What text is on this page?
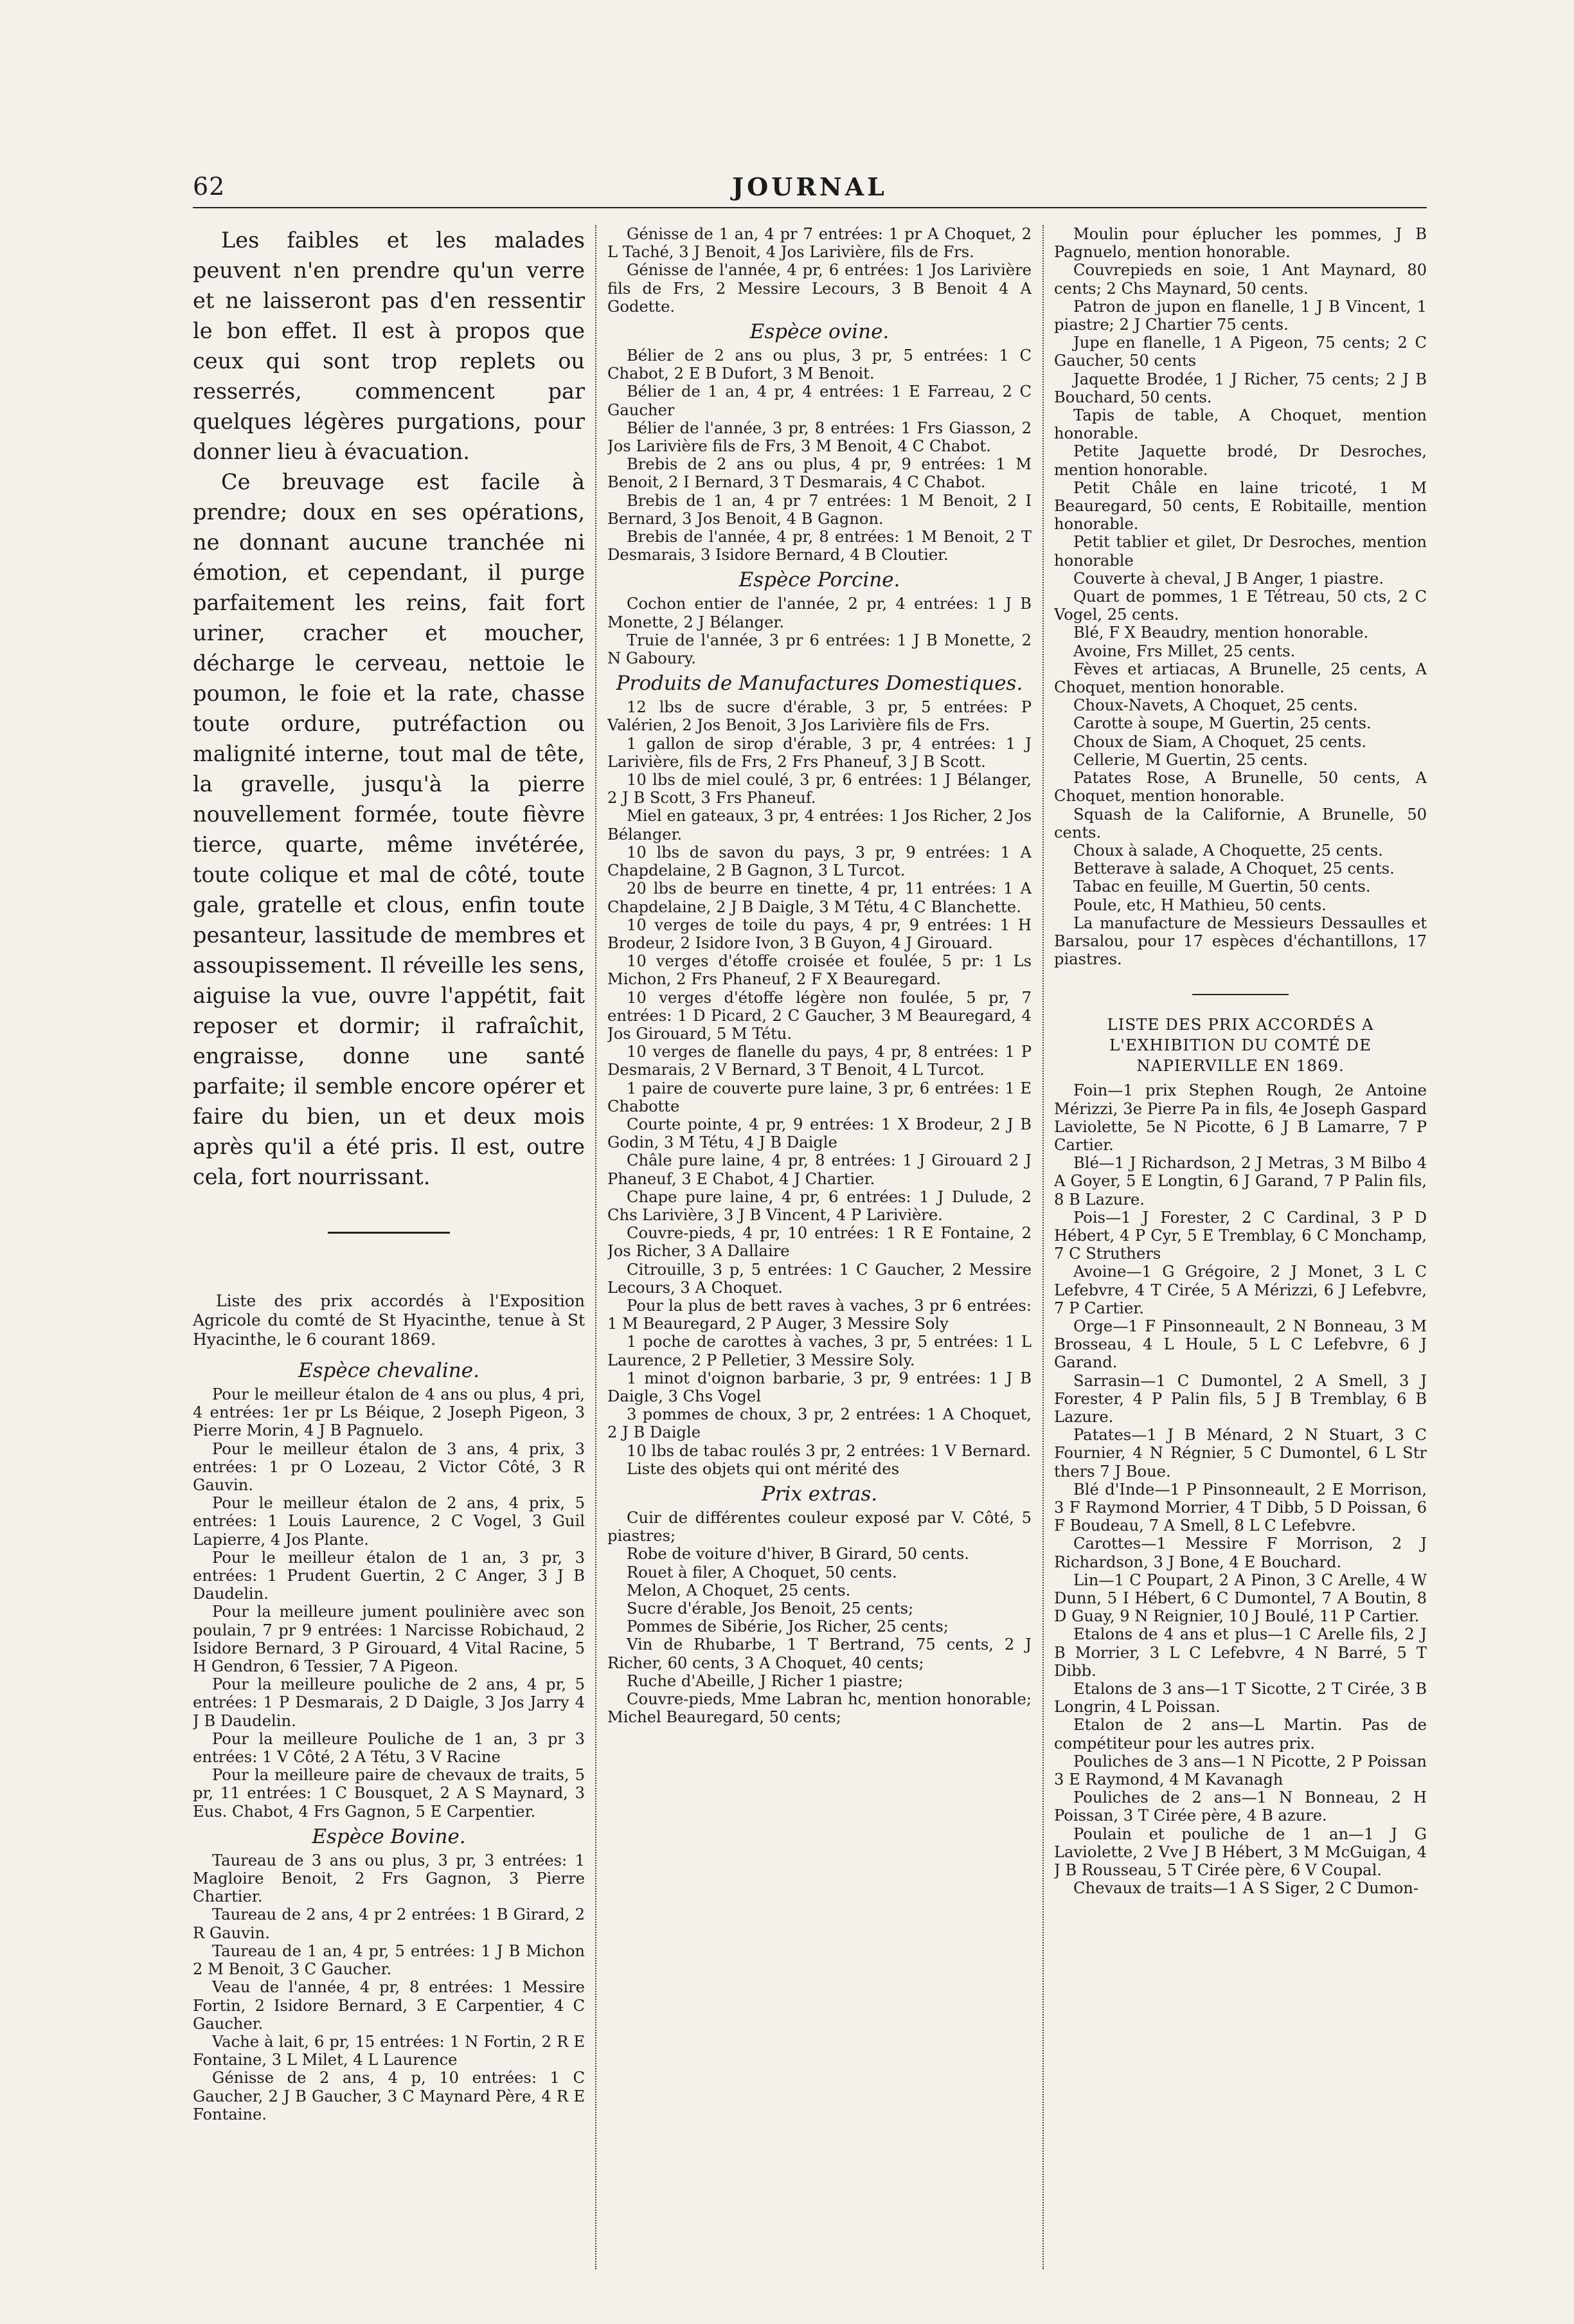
62	JOURNAL

Les faibles et les malades peuvent n'en prendre qu'un verre et ne laisseront pas d'en ressentir le bon effet. Il est à propos que ceux qui sont trop replets ou resserrés, commencent par quelques légères purgations, pour donner lieu à évacuation.

Ce breuvage est facile à prendre; doux en ses opérations, ne donnant aucune tranchée ni émotion, et cependant, il purge parfaitement les reins, fait fort uriner, cracher et moucher, décharge le cerveau, nettoie le poumon, le foie et la rate, chasse toute ordure, putréfaction ou malignité interne, tout mal de tête, la gravelle, jusqu'à la pierre nouvellement formée, toute fièvre tierce, quarte, même invétérée, toute colique et mal de côté, toute gale, gratelle et clous, enfin toute pesanteur, lassitude de membres et assoupissement. Il réveille les sens, aiguise la vue, ouvre l'appétit, fait reposer et dormir; il rafraîchit, engraisse, donne une santé parfaite; il semble encore opérer et faire du bien, un et deux mois après qu'il a été pris. Il est, outre cela, fort nourrissant.

Liste des prix accordés à l'Exposition Agricole du comté de St Hyacinthe, tenue à St Hyacinthe, le 6 courant 1869.

Espèce chevaline.

Pour le meilleur étalon de 4 ans ou plus, 4 pri, 4 entrées: 1er pr Ls Béique, 2 Joseph Pigeon, 3 Pierre Morin, 4 J B Pagnuelo.

Pour le meilleur étalon de 3 ans, 4 prix, 3 entrées: 1 pr O Lozeau, 2 Victor Côté, 3 R Gauvin.

Pour le meilleur étalon de 2 ans, 4 prix, 5 entrées: 1 Louis Laurence, 2 C Vogel, 3 Guil Lapierre, 4 Jos Plante.

Pour le meilleur étalon de 1 an, 3 pr, 3 entrées: 1 Prudent Guertin, 2 C Anger, 3 J B Daudelin.

Pour la meilleure jument poulinière avec son poulain, 7 pr 9 entrées: 1 Narcisse Robichaud, 2 Isidore Bernard, 3 P Girouard, 4 Vital Racine, 5 H Gendron, 6 Tessier, 7 A Pigeon.

Pour la meilleure pouliche de 2 ans, 4 pr, 5 entrées: 1 P Desmarais, 2 D Daigle, 3 Jos Jarry 4 J B Daudelin.

Pour la meilleure Pouliche de 1 an, 3 pr 3 entrées: 1 V Côté, 2 A Tétu, 3 V Racine

Pour la meilleure paire de chevaux de traits, 5 pr, 11 entrées: 1 C Bousquet, 2 A S Maynard, 3 Eus. Chabot, 4 Frs Gagnon, 5 E Carpentier.

Espèce Bovine.

Taureau de 3 ans ou plus, 3 pr, 3 entrées: 1 Magloire Benoit, 2 Frs Gagnon, 3 Pierre Chartier.

Taureau de 2 ans, 4 pr 2 entrées: 1 B Girard, 2 R Gauvin.

Taureau de 1 an, 4 pr, 5 entrées: 1 J B Michon 2 M Benoit, 3 C Gaucher.

Veau de l'année, 4 pr, 8 entrées: 1 Messire Fortin, 2 Isidore Bernard, 3 E Carpentier, 4 C Gaucher.

Vache à lait, 6 pr, 15 entrées: 1 N Fortin, 2 R E Fontaine, 3 L Milet, 4 L Laurence

Génisse de 2 ans, 4 p, 10 entrées: 1 C Gaucher, 2 J B Gaucher, 3 C Maynard Père, 4 R E Fontaine.

Génisse de 1 an, 4 pr 7 entrées: 1 pr A Choquet, 2 L Taché, 3 J Benoit, 4 Jos Larivière, fils de Frs.

Génisse de l'année, 4 pr, 6 entrées: 1 Jos Larivière fils de Frs, 2 Messire Lecours, 3 B Benoit 4 A Godette.

Espèce ovine.

Bélier de 2 ans ou plus, 3 pr, 5 entrées: 1 C Chabot, 2 E B Dufort, 3 M Benoit.

Bélier de 1 an, 4 pr, 4 entrées: 1 E Farreau, 2 C Gaucher

Bélier de l'année, 3 pr, 8 entrées: 1 Frs Giasson, 2 Jos Larivière fils de Frs, 3 M Benoit, 4 C Chabot.

Brebis de 2 ans ou plus, 4 pr, 9 entrées: 1 M Benoit, 2 I Bernard, 3 T Desmarais, 4 C Chabot.

Brebis de 1 an, 4 pr 7 entrées: 1 M Benoit, 2 I Bernard, 3 Jos Benoit, 4 B Gagnon.

Brebis de l'année, 4 pr, 8 entrées: 1 M Benoit, 2 T Desmarais, 3 Isidore Bernard, 4 B Cloutier.

Espèce Porcine.

Cochon entier de l'année, 2 pr, 4 entrées: 1 J B Monette, 2 J Bélanger.

Truie de l'année, 3 pr 6 entrées: 1 J B Monette, 2 N Gaboury.

Produits de Manufactures Domestiques.

12 lbs de sucre d'érable, 3 pr, 5 entrées: P Valérien, 2 Jos Benoit, 3 Jos Larivière fils de Frs.

1 gallon de sirop d'érable, 3 pr, 4 entrées: 1 J Larivière, fils de Frs, 2 Frs Phaneuf, 3 J B Scott.

10 lbs de miel coulé, 3 pr, 6 entrées: 1 J Bélanger, 2 J B Scott, 3 Frs Phaneuf.

Miel en gateaux, 3 pr, 4 entrées: 1 Jos Richer, 2 Jos Bélanger.

10 lbs de savon du pays, 3 pr, 9 entrées: 1 A Chapdelaine, 2 B Gagnon, 3 L Turcot.

20 lbs de beurre en tinette, 4 pr, 11 entrées: 1 A Chapdelaine, 2 J B Daigle, 3 M Tétu, 4 C Blanchette.

10 verges de toile du pays, 4 pr, 9 entrées: 1 H Brodeur, 2 Isidore Ivon, 3 B Guyon, 4 J Girouard.

10 verges d'étoffe croisée et foulée, 5 pr: 1 Ls Michon, 2 Frs Phaneuf, 2 F X Beauregard.

10 verges d'étoffe légère non foulée, 5 pr, 7 entrées: 1 D Picard, 2 C Gaucher, 3 M Beauregard, 4 Jos Girouard, 5 M Tétu.

10 verges de flanelle du pays, 4 pr, 8 entrées: 1 P Desmarais, 2 V Bernard, 3 T Benoit, 4 L Turcot.

1 paire de couverte pure laine, 3 pr, 6 entrées: 1 E Chabotte

Courte pointe, 4 pr, 9 entrées: 1 X Brodeur, 2 J B Godin, 3 M Tétu, 4 J B Daigle

Châle pure laine, 4 pr, 8 entrées: 1 J Girouard 2 J Phaneuf, 3 E Chabot, 4 J Chartier.

Chape pure laine, 4 pr, 6 entrées: 1 J Dulude, 2 Chs Larivière, 3 J B Vincent, 4 P Larivière.

Couvre-pieds, 4 pr, 10 entrées: 1 R E Fontaine, 2 Jos Richer, 3 A Dallaire

Citrouille, 3 p, 5 entrées: 1 C Gaucher, 2 Messire Lecours, 3 A Choquet.

Pour la plus de bett raves à vaches, 3 pr 6 entrées: 1 M Beauregard, 2 P Auger, 3 Messire Soly

1 poche de carottes à vaches, 3 pr, 5 entrées: 1 L Laurence, 2 P Pelletier, 3 Messire Soly.

1 minot d'oignon barbarie, 3 pr, 9 entrées: 1 J B Daigle, 3 Chs Vogel

3 pommes de choux, 3 pr, 2 entrées: 1 A Choquet, 2 J B Daigle

10 lbs de tabac roulés 3 pr, 2 entrées: 1 V Bernard.

Liste des objets qui ont mérité des

Prix extras.

Cuir de différentes couleur exposé par V. Côté, 5 piastres;

Robe de voiture d'hiver, B Girard, 50 cents.

Rouet à filer, A Choquet, 50 cents.

Melon, A Choquet, 25 cents.

Sucre d'érable, Jos Benoit, 25 cents;

Pommes de Sibérie, Jos Richer, 25 cents;

Vin de Rhubarbe, 1 T Bertrand, 75 cents, 2 J Richer, 60 cents, 3 A Choquet, 40 cents;

Ruche d'Abeille, J Richer 1 piastre;

Couvre-pieds, Mme Labran hc, mention honorable; Michel Beauregard, 50 cents;

Moulin pour éplucher les pommes, J B Pagnuelo, mention honorable.

Couvrepieds en soie, 1 Ant Maynard, 80 cents; 2 Chs Maynard, 50 cents.

Patron de jupon en flanelle, 1 J B Vincent, 1 piastre; 2 J Chartier 75 cents.

Jupe en flanelle, 1 A Pigeon, 75 cents; 2 C Gaucher, 50 cents

Jaquette Brodée, 1 J Richer, 75 cents; 2 J B Bouchard, 50 cents.

Tapis de table, A Choquet, mention honorable.

Petite Jaquette brodé, Dr Desroches, mention honorable.

Petit Châle en laine tricoté, 1 M Beauregard, 50 cents, E Robitaille, mention honorable.

Petit tablier et gilet, Dr Desroches, mention honorable

Couverte à cheval, J B Anger, 1 piastre.

Quart de pommes, 1 E Tétreau, 50 cts, 2 C Vogel, 25 cents.

Blé, F X Beaudry, mention honorable.

Avoine, Frs Millet, 25 cents.

Fèves et artiacas, A Brunelle, 25 cents, A Choquet, mention honorable.

Choux-Navets, A Choquet, 25 cents.

Carotte à soupe, M Guertin, 25 cents.

Choux de Siam, A Choquet, 25 cents.

Cellerie, M Guertin, 25 cents.

Patates Rose, A Brunelle, 50 cents, A Choquet, mention honorable.

Squash de la Californie, A Brunelle, 50 cents.

Choux à salade, A Choquette, 25 cents.

Betterave à salade, A Choquet, 25 cents.

Tabac en feuille, M Guertin, 50 cents.

Poule, etc, H Mathieu, 50 cents.

La manufacture de Messieurs Dessaulles et Barsalou, pour 17 espèces d'échantillons, 17 piastres.

LISTE DES PRIX ACCORDÉS A L'EXHIBITION DU COMTÉ DE NAPIERVILLE EN 1869.

Foin—1 prix Stephen Rough, 2e Antoine Mérizzi, 3e Pierre Pa in fils, 4e Joseph Gaspard Laviolette, 5e N Picotte, 6 J B Lamarre, 7 P Cartier.

Blé—1 J Richardson, 2 J Metras, 3 M Bilbo 4 A Goyer, 5 E Longtin, 6 J Garand, 7 P Palin fils, 8 B Lazure.

Pois—1 J Forester, 2 C Cardinal, 3 P D Hébert, 4 P Cyr, 5 E Tremblay, 6 C Monchamp, 7 C Struthers

Avoine—1 G Grégoire, 2 J Monet, 3 L C Lefebvre, 4 T Cirée, 5 A Mérizzi, 6 J Lefebvre, 7 P Cartier.

Orge—1 F Pinsonneault, 2 N Bonneau, 3 M Brosseau, 4 L Houle, 5 L C Lefebvre, 6 J Garand.

Sarrasin—1 C Dumontel, 2 A Smell, 3 J Forester, 4 P Palin fils, 5 J B Tremblay, 6 B Lazure.

Patates—1 J B Ménard, 2 N Stuart, 3 C Fournier, 4 N Régnier, 5 C Dumontel, 6 L Str thers 7 J Boue.

Blé d'Inde—1 P Pinsonneault, 2 E Morrison, 3 F Raymond Morrier, 4 T Dibb, 5 D Poissan, 6 F Boudeau, 7 A Smell, 8 L C Lefebvre.

Carottes—1 Messire F Morrison, 2 J Richardson, 3 J Bone, 4 E Bouchard.

Lin—1 C Poupart, 2 A Pinon, 3 C Arelle, 4 W Dunn, 5 I Hébert, 6 C Dumontel, 7 A Boutin, 8 D Guay, 9 N Reignier, 10 J Boulé, 11 P Cartier.

Etalons de 4 ans et plus—1 C Arelle fils, 2 J B Morrier, 3 L C Lefebvre, 4 N Barré, 5 T Dibb.

Etalons de 3 ans—1 T Sicotte, 2 T Cirée, 3 B Longrin, 4 L Poissan.

Etalon de 2 ans—L Martin. Pas de compétiteur pour les autres prix.

Pouliches de 3 ans—1 N Picotte, 2 P Poissan 3 E Raymond, 4 M Kavanagh

Pouliches de 2 ans—1 N Bonneau, 2 H Poissan, 3 T Cirée père, 4 B azure.

Poulain et pouliche de 1 an—1 J G Laviolette, 2 Vve J B Hébert, 3 M McGuigan, 4 J B Rousseau, 5 T Cirée père, 6 V Coupal.

Chevaux de traits—1 A S Siger, 2 C Dumon-
